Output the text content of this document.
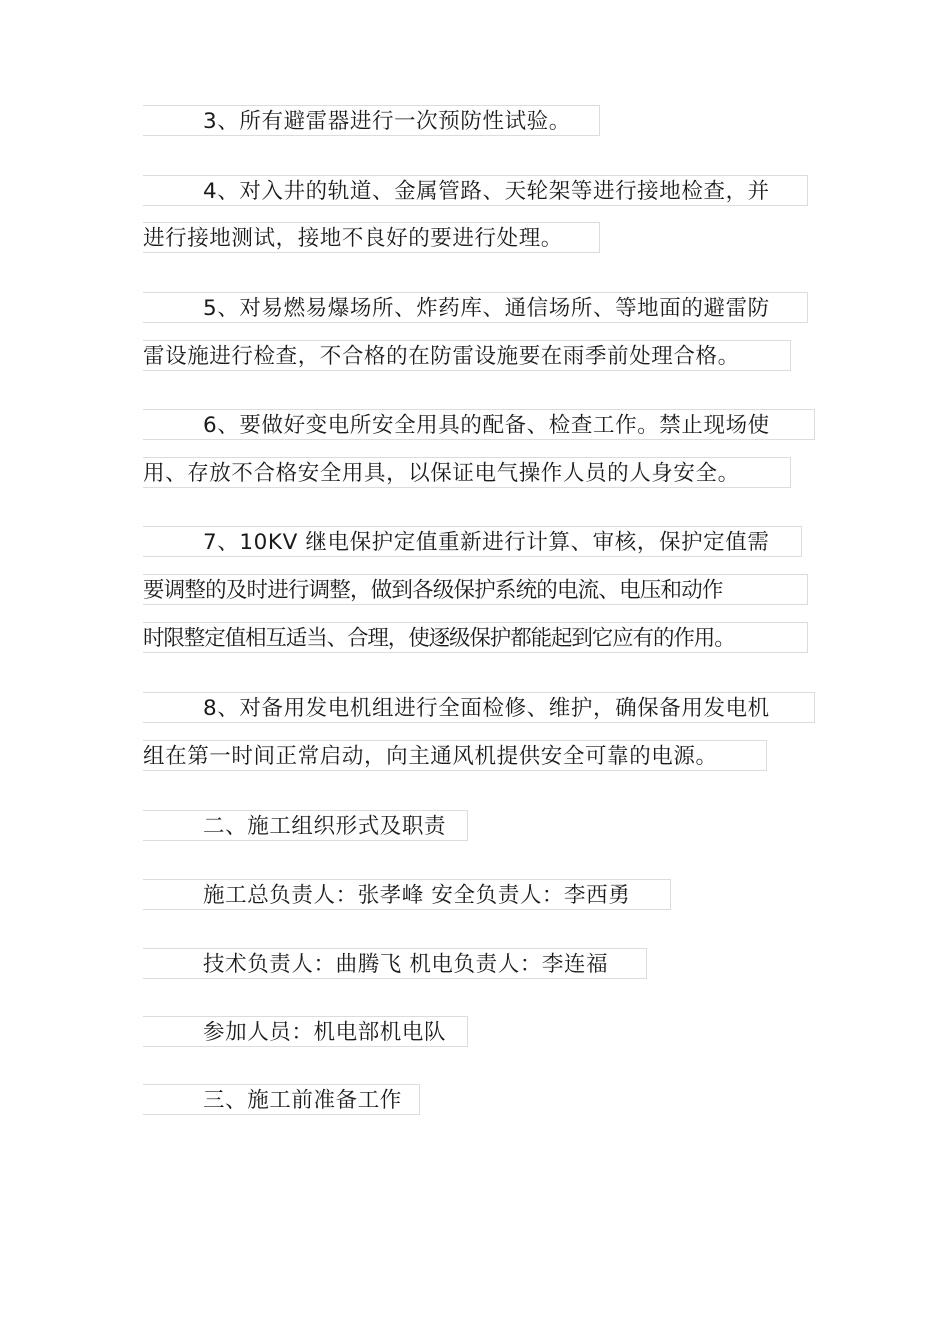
3、所有避雷器进行一次预防性试验。
4、对入井的轨道、金属管路、天轮架等进行接地检查，并
进行接地测试，接地不良好的要进行处理。
5、对易燃易爆场所、炸药库、通信场所、等地面的避雷防
雷设施进行检查，不合格的在防雷设施要在雨季前处理合格。
6、要做好变电所安全用具的配备、检查工作。禁止现场使
用、存放不合格安全用具，以保证电气操作人员的人身安全。
7、10KV 继电保护定值重新进行计算、审核，保护定值需
要调整的及时进行调整，做到各级保护系统的电流、电压和动作
时限整定值相互适当、合理，使逐级保护都能起到它应有的作用。
8、对备用发电机组进行全面检修、维护，确保备用发电机
组在第一时间正常启动，向主通风机提供安全可靠的电源。
二、施工组织形式及职责
施工总负责人：张孝峰 安全负责人：李西勇
技术负责人：曲腾飞 机电负责人：李连福
参加人员：机电部机电队
三、施工前准备工作
